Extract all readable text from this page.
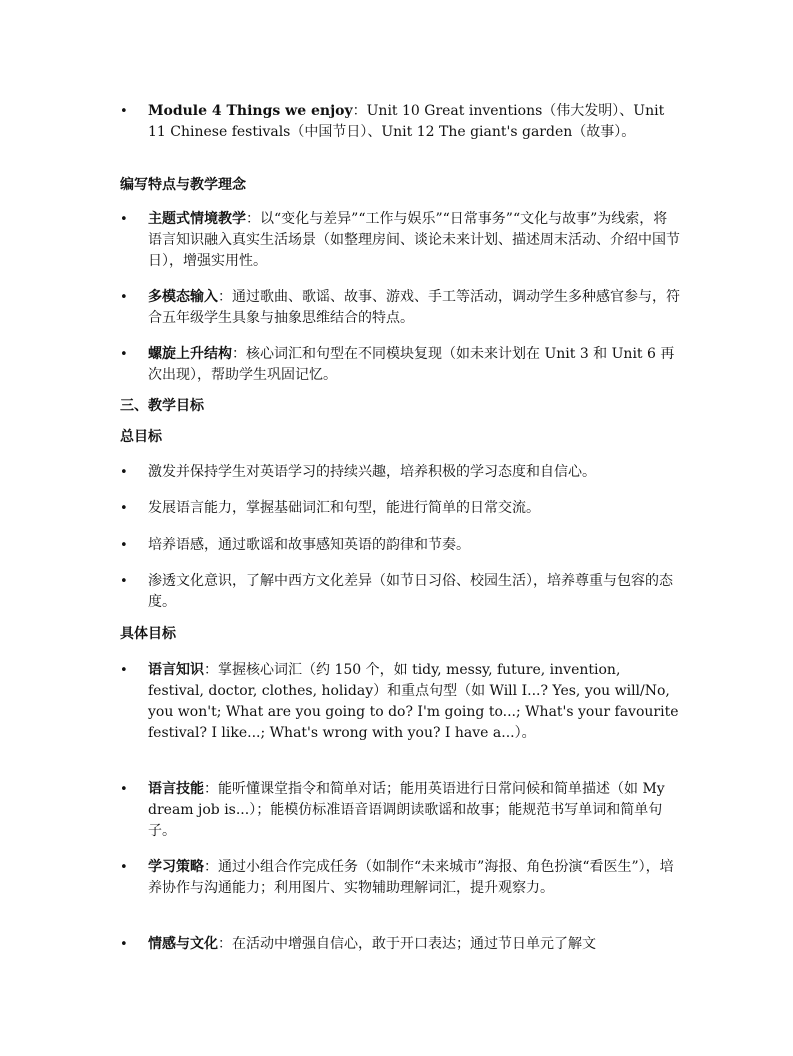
•	Module 4 Things we enjoy：Unit 10 Great inventions（伟大发明）、Unit 11 Chinese festivals（中国节日）、Unit 12 The giant's garden（故事）。
编写特点与教学理念
•	主题式情境教学：以“变化与差异”“工作与娱乐”“日常事务”“文化与故事”为线索，将语言知识融入真实生活场景（如整理房间、谈论未来计划、描述周末活动、介绍中国节日），增强实用性。
•	多模态输入：通过歌曲、歌谣、故事、游戏、手工等活动，调动学生多种感官参与，符合五年级学生具象与抽象思维结合的特点。
•	螺旋上升结构：核心词汇和句型在不同模块复现（如未来计划在 Unit 3 和 Unit 6 再次出现），帮助学生巩固记忆。
三、教学目标
总目标
•	激发并保持学生对英语学习的持续兴趣，培养积极的学习态度和自信心。
•	发展语言能力，掌握基础词汇和句型，能进行简单的日常交流。
•	培养语感，通过歌谣和故事感知英语的韵律和节奏。
•	渗透文化意识，了解中西方文化差异（如节日习俗、校园生活），培养尊重与包容的态度。
具体目标
•	语言知识：掌握核心词汇（约 150 个，如 tidy, messy, future, invention, festival, doctor, clothes, holiday）和重点句型（如 Will I...? Yes, you will/No, you won't; What are you going to do? I'm going to...; What's your favourite festival? I like...; What's wrong with you? I have a...）。
•	语言技能：能听懂课堂指令和简单对话；能用英语进行日常问候和简单描述（如 My dream job is...）；能模仿标准语音语调朗读歌谣和故事；能规范书写单词和简单句子。
•	学习策略：通过小组合作完成任务（如制作“未来城市”海报、角色扮演“看医生”），培养协作与沟通能力；利用图片、实物辅助理解词汇，提升观察力。
•	情感与文化：在活动中增强自信心，敢于开口表达；通过节日单元了解文
